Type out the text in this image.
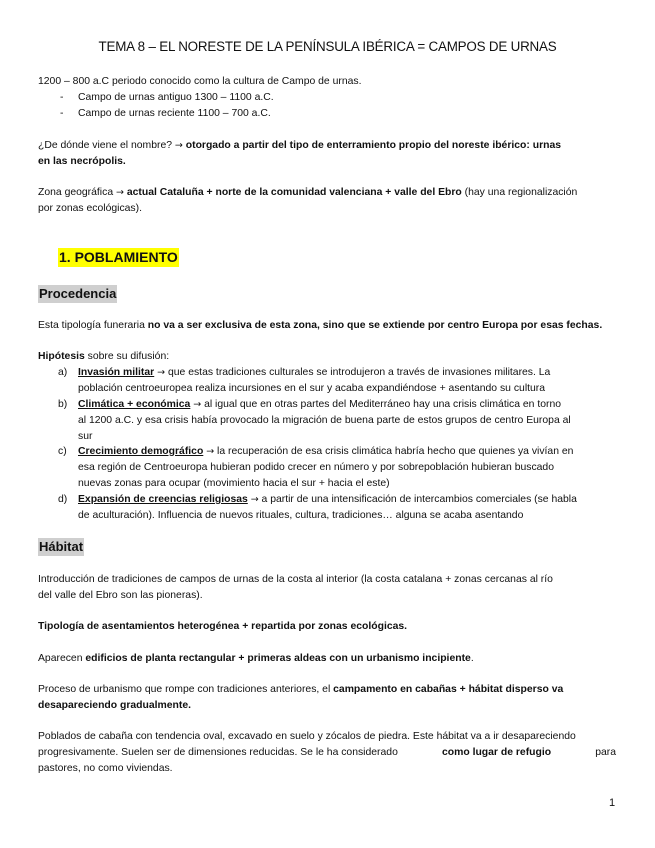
TEMA 8 – EL NORESTE DE LA PENÍNSULA IBÉRICA = CAMPOS DE URNAS
1200 – 800 a.C periodo conocido como la cultura de Campo de urnas.
- Campo de urnas antiguo 1300 – 1100 a.C.
- Campo de urnas reciente 1100 – 700 a.C.
¿De dónde viene el nombre? → otorgado a partir del tipo de enterramiento propio del noreste ibérico: urnas
en las necrópolis.
Zona geográfica → actual Cataluña + norte de la comunidad valenciana + valle del Ebro (hay una regionalización
por zonas ecológicas).
1. POBLAMIENTO
Procedencia
Esta tipología funeraria no va a ser exclusiva de esta zona, sino que se extiende por centro Europa por esas fechas.
Hipótesis sobre su difusión:
a)	Invasión militar → que estas tradiciones culturales se introdujeron a través de invasiones militares. La
población centroeuropea realiza incursiones en el sur y acaba expandiéndose + asentando su cultura
b)	Climática + económica → al igual que en otras partes del Mediterráneo hay una crisis climática en torno
al 1200 a.C. y esa crisis había provocado la migración de buena parte de estos grupos de centro Europa al
sur
c)	Crecimiento demográfico → la recuperación de esa crisis climática habría hecho que quienes ya vivían en
esa región de Centroeuropa hubieran podido crecer en número y por sobrepoblación hubieran buscado
nuevas zonas para ocupar (movimiento hacia el sur + hacia el este)
d)	Expansión de creencias religiosas → a partir de una intensificación de intercambios comerciales (se habla
de aculturación). Influencia de nuevos rituales, cultura, tradiciones… alguna se acaba asentando
Hábitat
Introducción de tradiciones de campos de urnas de la costa al interior (la costa catalana + zonas cercanas al río
del valle del Ebro son las pioneras).
Tipología de asentamientos heterogénea + repartida por zonas ecológicas.
Aparecen edificios de planta rectangular + primeras aldeas con un urbanismo incipiente.
Proceso de urbanismo que rompe con tradiciones anteriores, el campamento en cabañas + hábitat disperso va
desapareciendo gradualmente.
Poblados de cabaña con tendencia oval, excavado en suelo y zócalos de piedra. Este hábitat va a ir desapareciendo
progresivamente. Suelen ser de dimensiones reducidas. Se le ha considerado	como lugar de refugio	para
pastores, no como viviendas.
1
